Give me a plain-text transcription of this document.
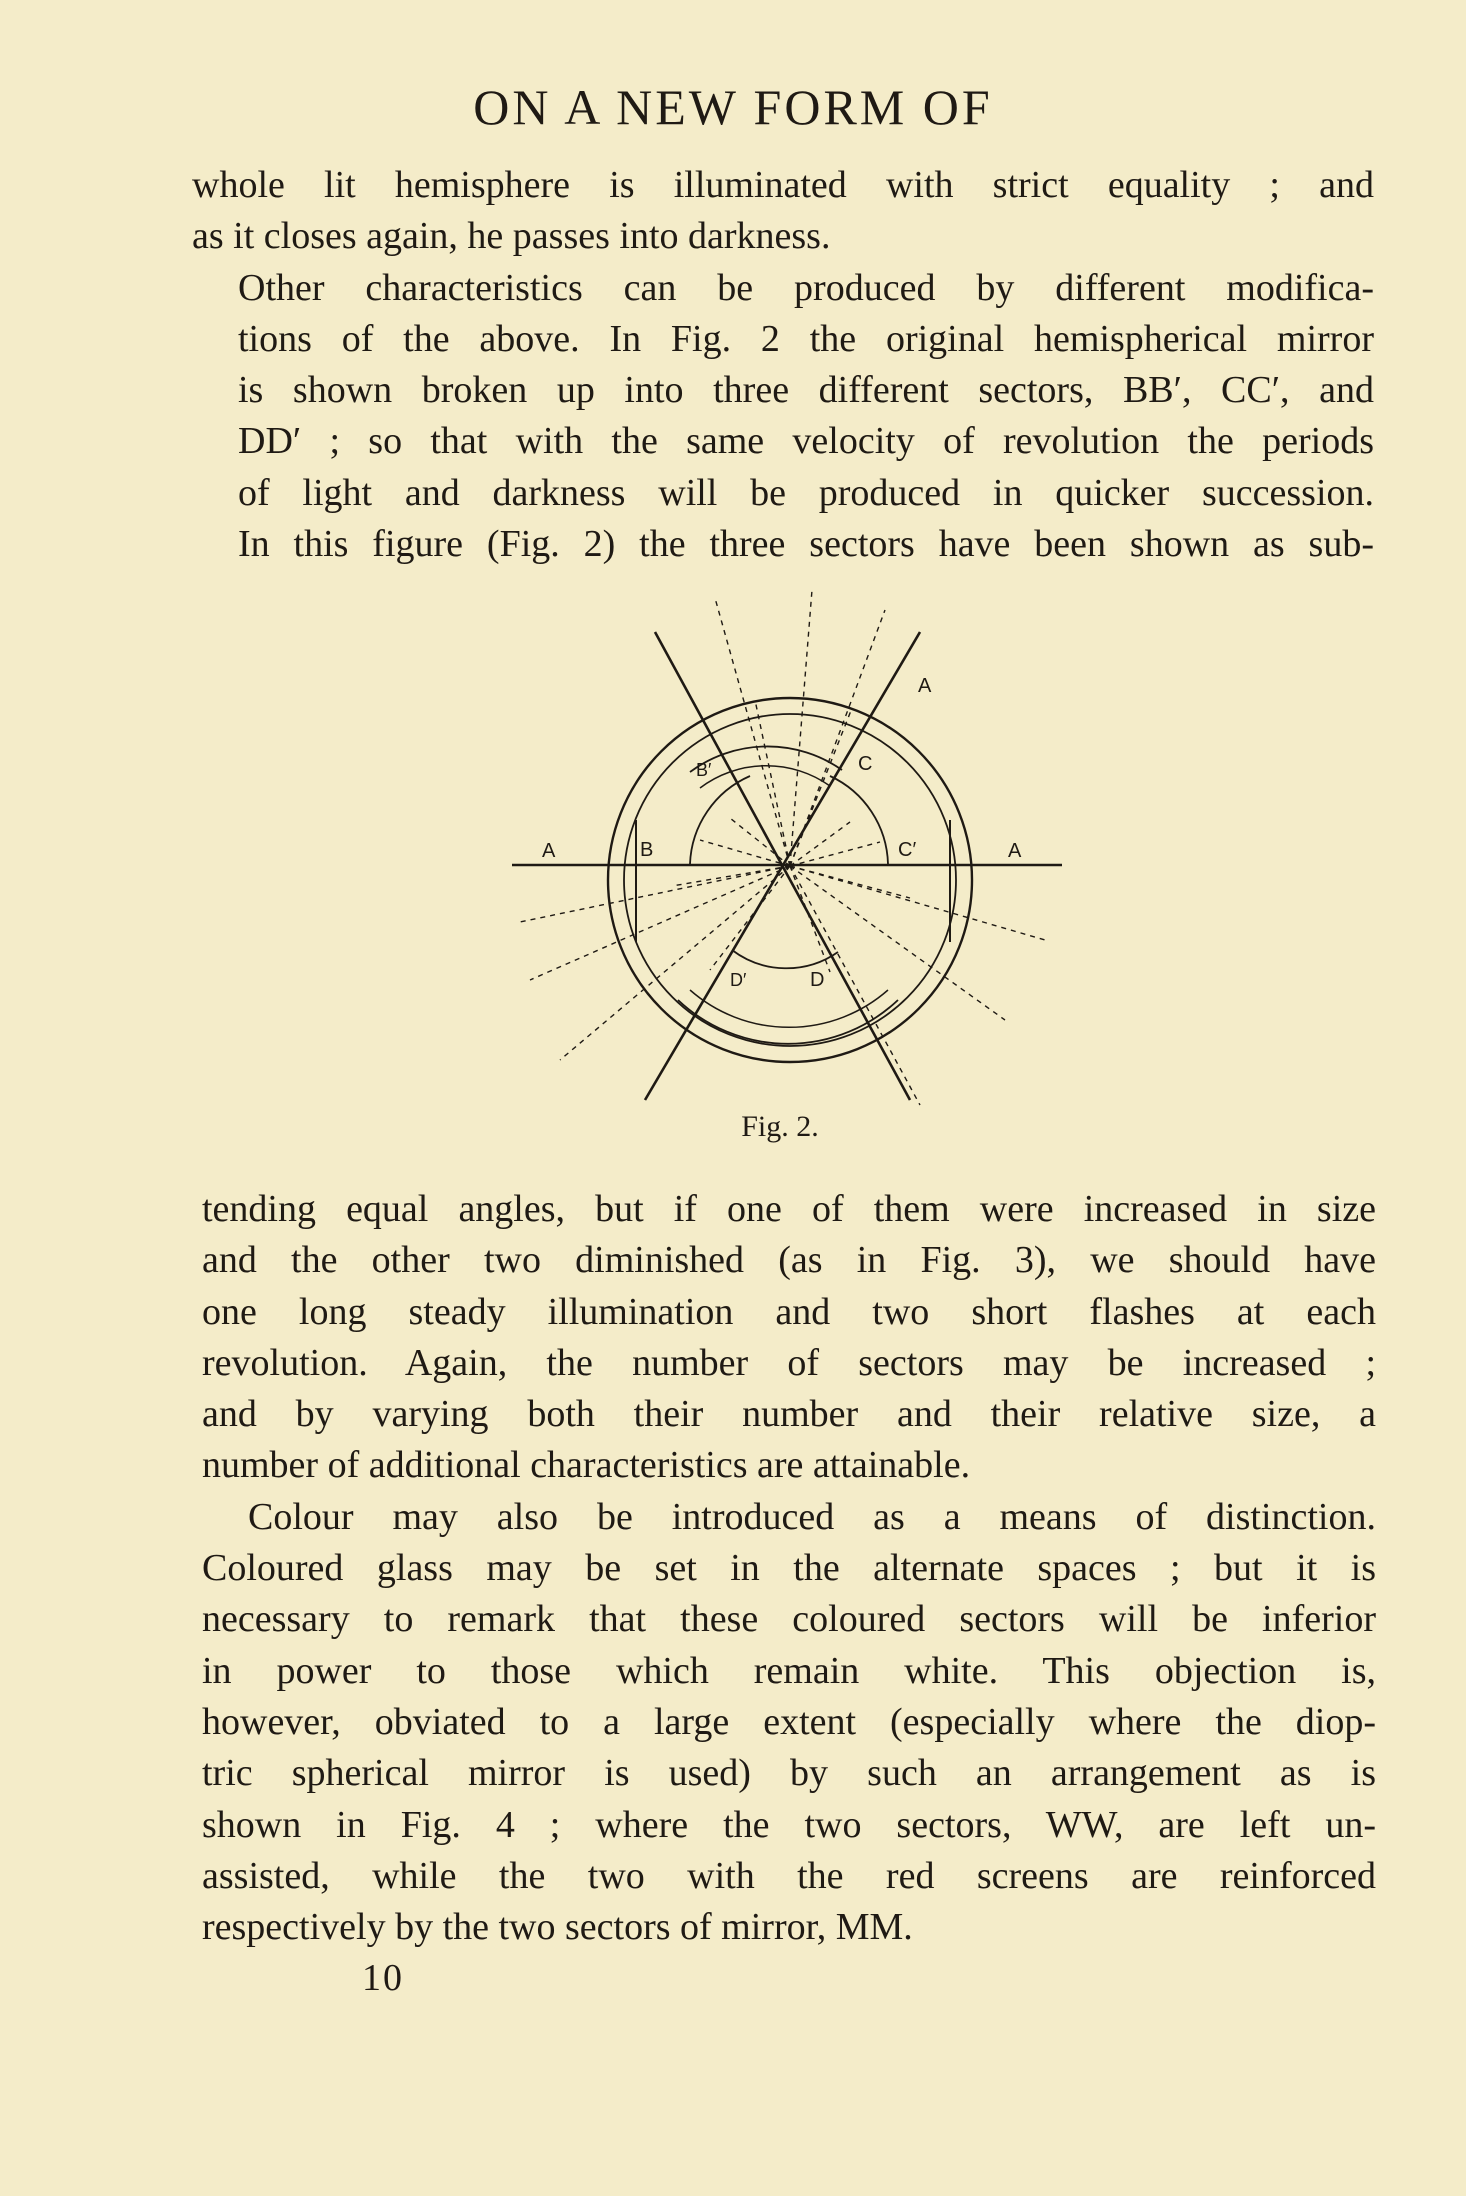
ON A NEW FORM OF

whole lit hemisphere is illuminated with strict equality ; and
as it closes again, he passes into darkness.

Other characteristics can be produced by different modifica-
tions of the above. In Fig. 2 the original hemispherical mirror
is shown broken up into three different sectors, BB′, CC′, and
DD′ ; so that with the same velocity of revolution the periods
of light and darkness will be produced in quicker succession.
In this figure (Fig. 2) the three sectors have been shown as sub-

A	A
A
B
B′	C
C′
D
D′
Fig. 2.

tending equal angles, but if one of them were increased in size
and the other two diminished (as in Fig. 3), we should have
one long steady illumination and two short flashes at each
revolution. Again, the number of sectors may be increased ;
and by varying both their number and their relative size, a
number of additional characteristics are attainable.

Colour may also be introduced as a means of distinction.
Coloured glass may be set in the alternate spaces ; but it is
necessary to remark that these coloured sectors will be inferior
in power to those which remain white. This objection is,
however, obviated to a large extent (especially where the diop-
tric spherical mirror is used) by such an arrangement as is
shown in Fig. 4 ; where the two sectors, WW, are left un-
assisted, while the two with the red screens are reinforced
respectively by the two sectors of mirror, MM.

10
